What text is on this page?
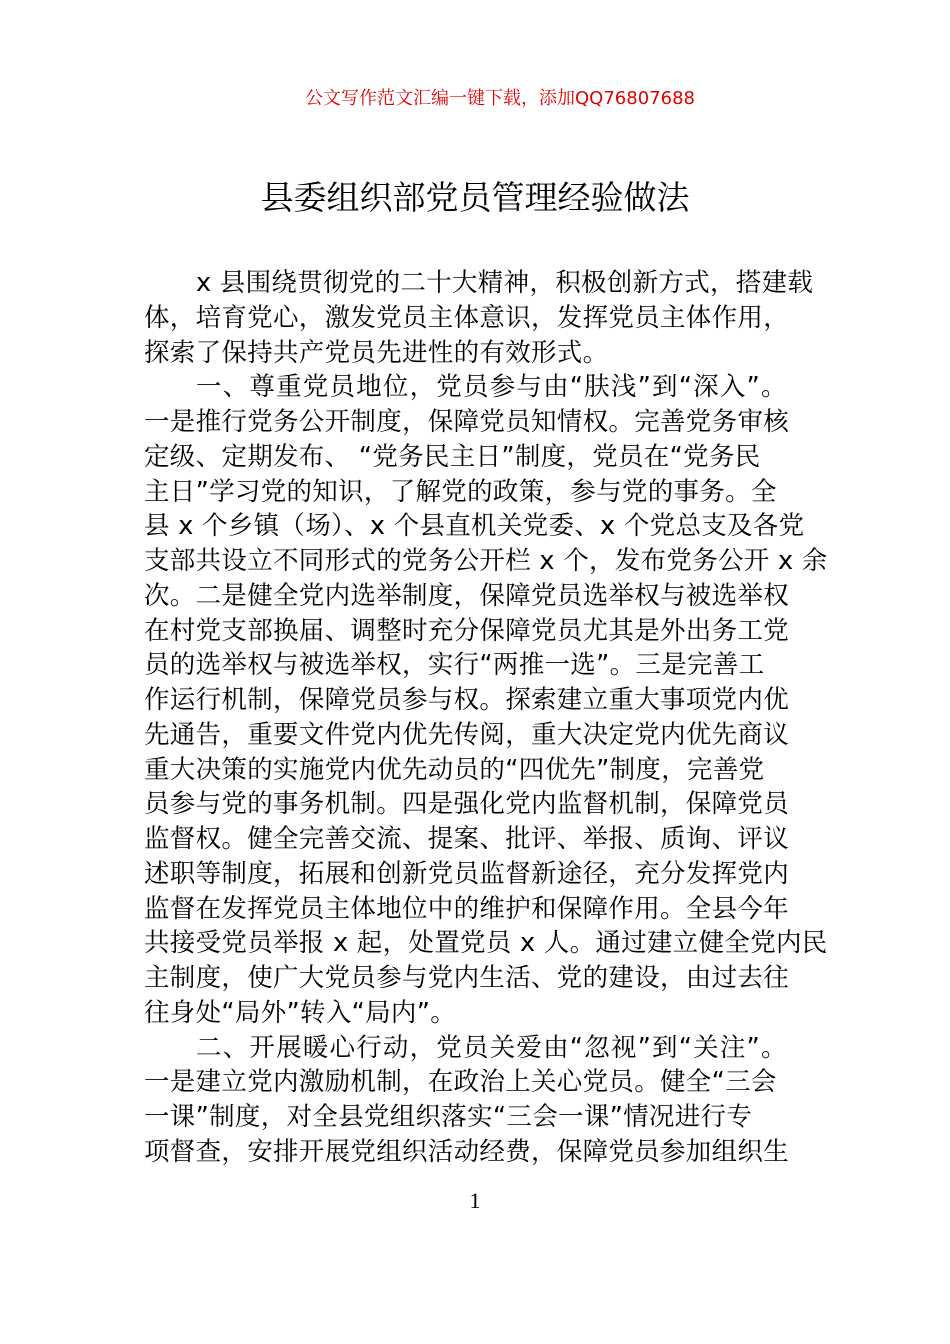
公文写作范文汇编一键下载，添加QQ76807688
县委组织部党员管理经验做法
x 县围绕贯彻党的二十大精神，积极创新方式，搭建载
体，培育党心，激发党员主体意识，发挥党员主体作用，
探索了保持共产党员先进性的有效形式。
一、尊重党员地位，党员参与由“肤浅”到“深入”。
一是推行党务公开制度，保障党员知情权。完善党务审核
定级、定期发布、 “党务民主日”制度，党员在“党务民
主日”学习党的知识，了解党的政策，参与党的事务。全
县 x 个乡镇（场）、x 个县直机关党委、x 个党总支及各党
支部共设立不同形式的党务公开栏 x 个，发布党务公开 x 余
次。二是健全党内选举制度，保障党员选举权与被选举权
在村党支部换届、调整时充分保障党员尤其是外出务工党
员的选举权与被选举权，实行“两推一选”。三是完善工
作运行机制，保障党员参与权。探索建立重大事项党内优
先通告，重要文件党内优先传阅，重大决定党内优先商议
重大决策的实施党内优先动员的“四优先”制度，完善党
员参与党的事务机制。四是强化党内监督机制，保障党员
监督权。健全完善交流、提案、批评、举报、质询、评议
述职等制度，拓展和创新党员监督新途径，充分发挥党内
监督在发挥党员主体地位中的维护和保障作用。全县今年
共接受党员举报 x 起，处置党员 x 人。通过建立健全党内民
主制度，使广大党员参与党内生活、党的建设，由过去往
往身处“局外”转入“局内”。
二、开展暖心行动，党员关爱由“忽视”到“关注”。
一是建立党内激励机制，在政治上关心党员。健全“三会
一课”制度，对全县党组织落实“三会一课”情况进行专
项督查，安排开展党组织活动经费，保障党员参加组织生
1
